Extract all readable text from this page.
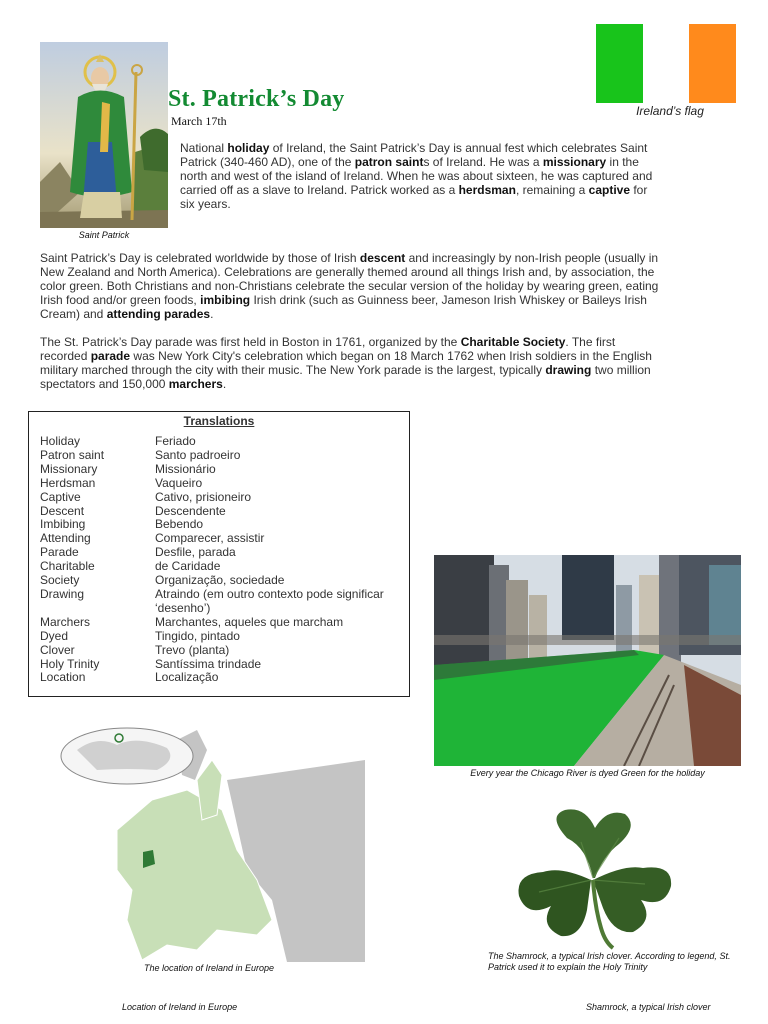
Saint Patrick
St. Patrick’s Day
March 17th
Ireland’s flag
National holiday of Ireland, the Saint Patrick’s Day is annual fest which celebrates Saint Patrick (340-460 AD), one of the patron saints of Ireland. He was a missionary in the north and west of the island of Ireland. When he was about sixteen, he was captured and carried off as a slave to Ireland. Patrick worked as a herdsman, remaining a captive for six years.
Saint Patrick’s Day is celebrated worldwide by those of Irish descent and increasingly by non-Irish people (usually in New Zealand and North America). Celebrations are generally themed around all things Irish and, by association, the color green. Both Christians and non-Christians celebrate the secular version of the holiday by wearing green, eating Irish food and/or green foods, imbibing Irish drink (such as Guinness beer, Jameson Irish Whiskey or Baileys Irish Cream) and attending parades.
The St. Patrick’s Day parade was first held in Boston in 1761, organized by the Charitable Society. The first recorded parade was New York City's celebration which began on 18 March 1762 when Irish soldiers in the English military marched through the city with their music. The New York parade is the largest, typically drawing two million spectators and 150,000 marchers.
Translations
Holiday	Feriado
Patron saint	Santo padroeiro
Missionary	Missionário
Herdsman	Vaqueiro
Captive	Cativo, prisioneiro
Descent	Descendente
Imbibing	Bebendo
Attending	Comparecer, assistir
Parade	Desfile, parada
Charitable	de Caridade
Society	Organização, sociedade
Drawing	Atraindo (em outro contexto pode significar ‘desenho’)
Marchers	Marchantes, aqueles que marcham
Dyed	Tingido, pintado
Clover	Trevo (planta)
Holy Trinity	Santíssima trindade
Location	Localização
Every year the Chicago River is dyed Green for the holiday
The location of Ireland in Europe
The Shamrock, a typical Irish clover. According to legend, St. Patrick used it to explain the Holy Trinity
Location of Ireland in Europe	Shamrock, a typical Irish clover
